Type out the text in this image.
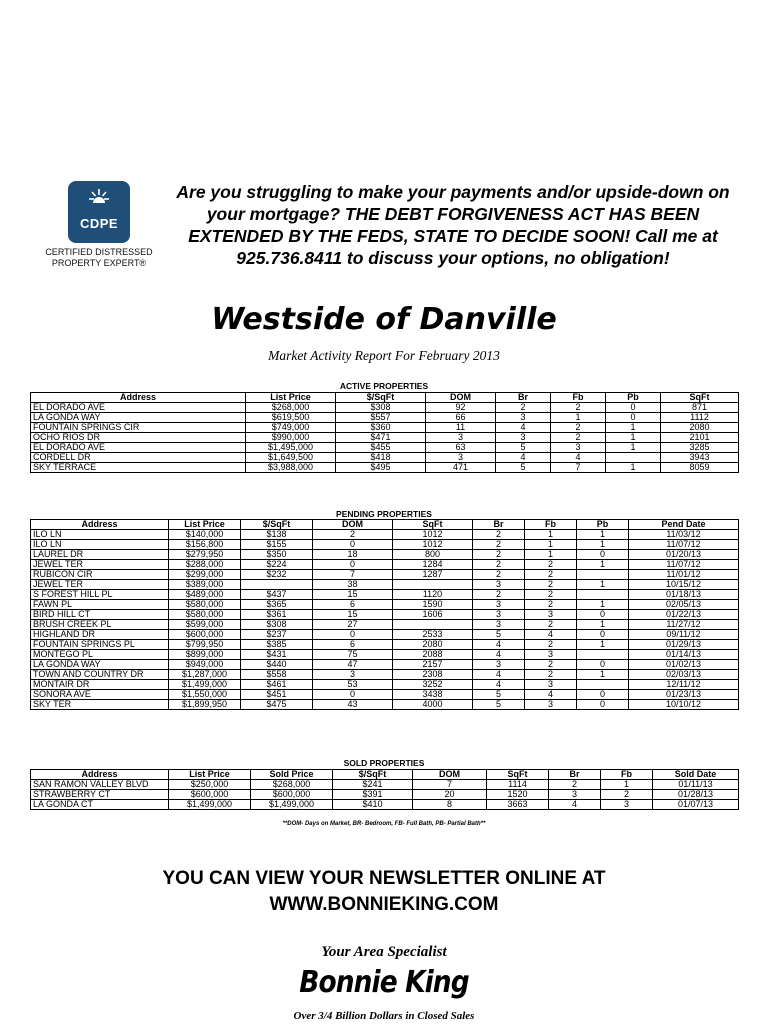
CDPE
CERTIFIED DISTRESSED
PROPERTY EXPERT®
Are you struggling to make your payments and/or upside-down on your mortgage? THE DEBT FORGIVENESS ACT HAS BEEN EXTENDED BY THE FEDS, STATE TO DECIDE SOON! Call me at 925.736.8411 to discuss your options, no obligation!
Westside of Danville
Market Activity Report For February 2013
ACTIVE PROPERTIES
Address	List Price	$/SqFt	DOM	Br	Fb	Pb	SqFt
EL DORADO AVE	$268,000	$308	92	2	2	0	871
LA GONDA WAY	$619,500	$557	66	3	1	0	1112
FOUNTAIN SPRINGS CIR	$749,000	$360	11	4	2	1	2080
OCHO RIOS DR	$990,000	$471	3	3	2	1	2101
EL DORADO AVE	$1,495,000	$455	63	5	3	1	3285
CORDELL DR	$1,649,500	$418	3	4	4		3943
SKY TERRACE	$3,988,000	$495	471	5	7	1	8059
PENDING PROPERTIES
Address	List Price	$/SqFt	DOM	SqFt	Br	Fb	Pb	Pend Date
ILO LN	$140,000	$138	2	1012	2	1	1	11/03/12
ILO LN	$156,800	$155	0	1012	2	1	1	11/07/12
LAUREL DR	$279,950	$350	18	800	2	1	0	01/20/13
JEWEL TER	$288,000	$224	0	1284	2	2	1	11/07/12
RUBICON CIR	$299,000	$232	7	1287	2	2		11/01/12
JEWEL TER	$389,000		38		3	2	1	10/15/12
S FOREST HILL PL	$489,000	$437	15	1120	2	2		01/18/13
FAWN PL	$580,000	$365	6	1590	3	2	1	02/05/13
BIRD HILL CT	$580,000	$361	15	1606	3	3	0	01/22/13
BRUSH CREEK PL	$599,000	$308	27		3	2	1	11/27/12
HIGHLAND DR	$600,000	$237	0	2533	5	4	0	09/11/12
FOUNTAIN SPRINGS PL	$799,950	$385	6	2080	4	2	1	01/29/13
MONTEGO PL	$899,000	$431	75	2088	4	3		01/14/13
LA GONDA WAY	$949,000	$440	47	2157	3	2	0	01/02/13
TOWN AND COUNTRY DR	$1,287,000	$558	3	2308	4	2	1	02/03/13
MONTAIR DR	$1,499,000	$461	53	3252	4	3		12/11/12
SONORA AVE	$1,550,000	$451	0	3438	5	4	0	01/23/13
SKY TER	$1,899,950	$475	43	4000	5	3	0	10/10/12
SOLD PROPERTIES
Address	List Price	Sold Price	$/SqFt	DOM	SqFt	Br	Fb	Sold Date
SAN RAMON VALLEY BLVD	$250,000	$268,000	$241	7	1114	2	1	01/11/13
STRAWBERRY CT	$600,000	$600,000	$391	20	1520	3	2	01/28/13
LA GONDA CT	$1,499,000	$1,499,000	$410	8	3663	4	3	01/07/13
**DOM- Days on Market, BR- Bedroom, FB- Full Bath, PB- Partial Bath**
YOU CAN VIEW YOUR NEWSLETTER ONLINE AT
WWW.BONNIEKING.COM
Your Area Specialist
Bonnie King
Over 3/4 Billion Dollars in Closed Sales
